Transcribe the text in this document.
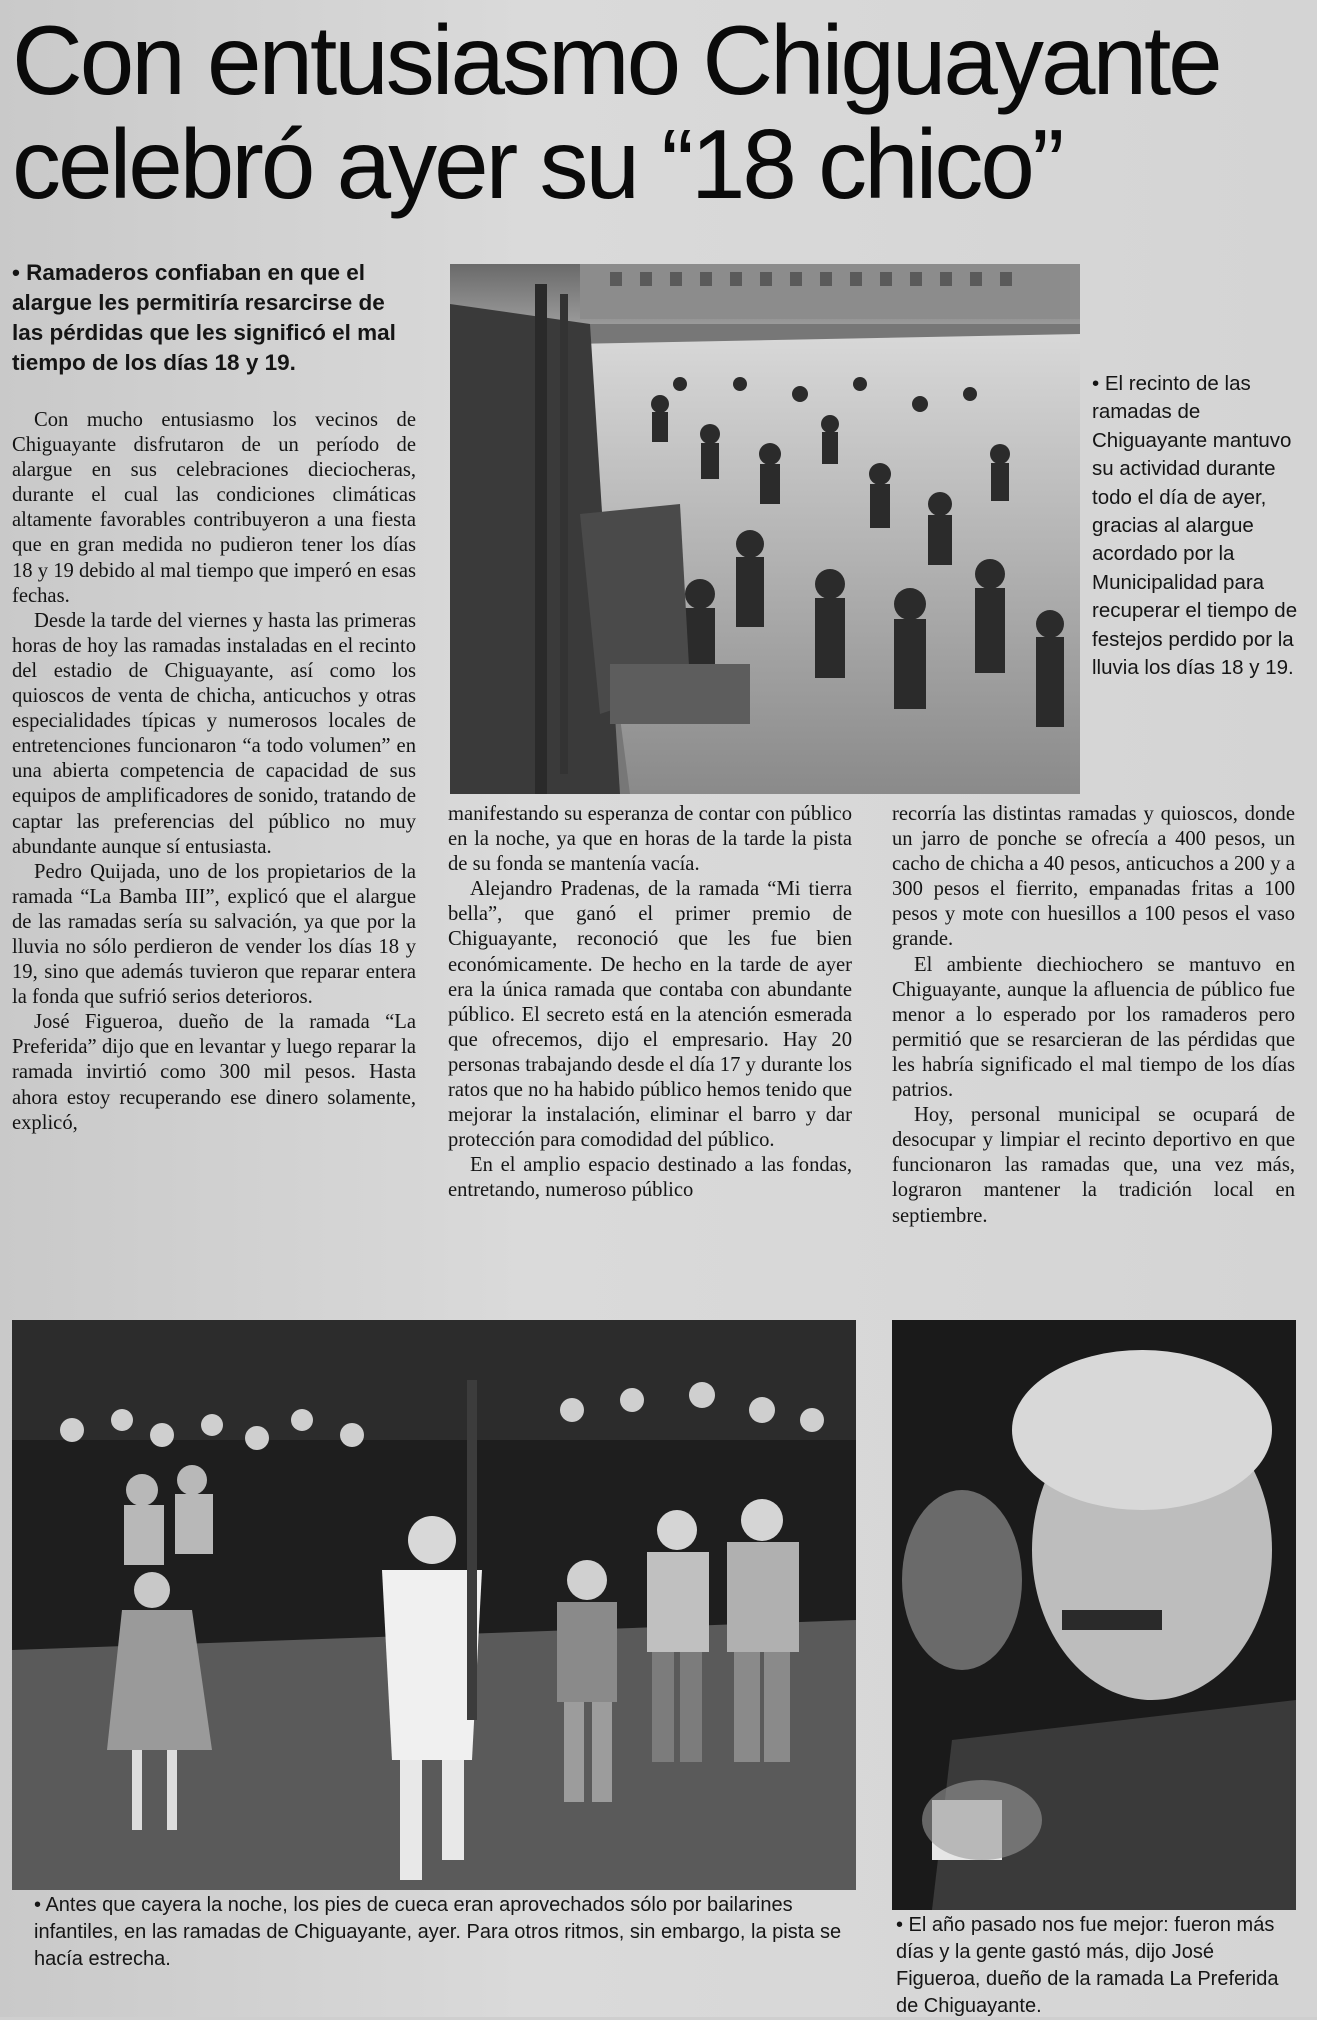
Con entusiasmo Chiguayante
celebró ayer su “18 chico”
• Ramaderos confiaban en que el alargue les permitiría resarcirse de las pérdidas que les significó el mal tiempo de los días 18 y 19.
• El recinto de las ramadas de Chiguayante mantuvo su actividad durante todo el día de ayer, gracias al alargue acordado por la Municipalidad para recuperar el tiempo de festejos perdido por la lluvia los días 18 y 19.

Con mucho entusiasmo los vecinos de Chiguayante disfrutaron de un período de alargue en sus celebraciones dieciocheras, durante el cual las condiciones climáticas altamente favorables contribuyeron a una fiesta que en gran medida no pudieron tener los días 18 y 19 debido al mal tiempo que imperó en esas fechas.

Desde la tarde del viernes y hasta las primeras horas de hoy las ramadas instaladas en el recinto del estadio de Chiguayante, así como los quioscos de venta de chicha, anticuchos y otras especialidades típicas y numerosos locales de entretenciones funcionaron “a todo volumen” en una abierta competencia de capacidad de sus equipos de amplificadores de sonido, tratando de captar las preferencias del público no muy abundante aunque sí entusiasta.

Pedro Quijada, uno de los propietarios de la ramada “La Bamba III”, explicó que el alargue de las ramadas sería su salvación, ya que por la lluvia no sólo perdieron de vender los días 18 y 19, sino que además tuvieron que reparar entera la fonda que sufrió serios deterioros.

José Figueroa, dueño de la ramada “La Preferida” dijo que en levantar y luego reparar la ramada invirtió como 300 mil pesos. Hasta ahora estoy recuperando ese dinero solamente, explicó,

manifestando su esperanza de contar con público en la noche, ya que en horas de la tarde la pista de su fonda se mantenía vacía.

Alejandro Pradenas, de la ramada “Mi tierra bella”, que ganó el primer premio de Chiguayante, reconoció que les fue bien económicamente. De hecho en la tarde de ayer era la única ramada que contaba con abundante público. El secreto está en la atención esmerada que ofrecemos, dijo el empresario. Hay 20 personas trabajando desde el día 17 y durante los ratos que no ha habido público hemos tenido que mejorar la instalación, eliminar el barro y dar protección para comodidad del público.

En el amplio espacio destinado a las fondas, entretando, numeroso público

recorría las distintas ramadas y quioscos, donde un jarro de ponche se ofrecía a 400 pesos, un cacho de chicha a 40 pesos, anticuchos a 200 y a 300 pesos el fierrito, empanadas fritas a 100 pesos y mote con huesillos a 100 pesos el vaso grande.

El ambiente diechiochero se mantuvo en Chiguayante, aunque la afluencia de público fue menor a lo esperado por los ramaderos pero permitió que se resarcieran de las pérdidas que les habría significado el mal tiempo de los días patrios.

Hoy, personal municipal se ocupará de desocupar y limpiar el recinto deportivo en que funcionaron las ramadas que, una vez más, lograron mantener la tradición local en septiembre.

• Antes que cayera la noche, los pies de cueca eran aprovechados sólo por bailarines infantiles, en las ramadas de Chiguayante, ayer. Para otros ritmos, sin embargo, la pista se hacía estrecha.
• El año pasado nos fue mejor: fueron más días y la gente gastó más, dijo José Figueroa, dueño de la ramada La Preferida de Chiguayante.
